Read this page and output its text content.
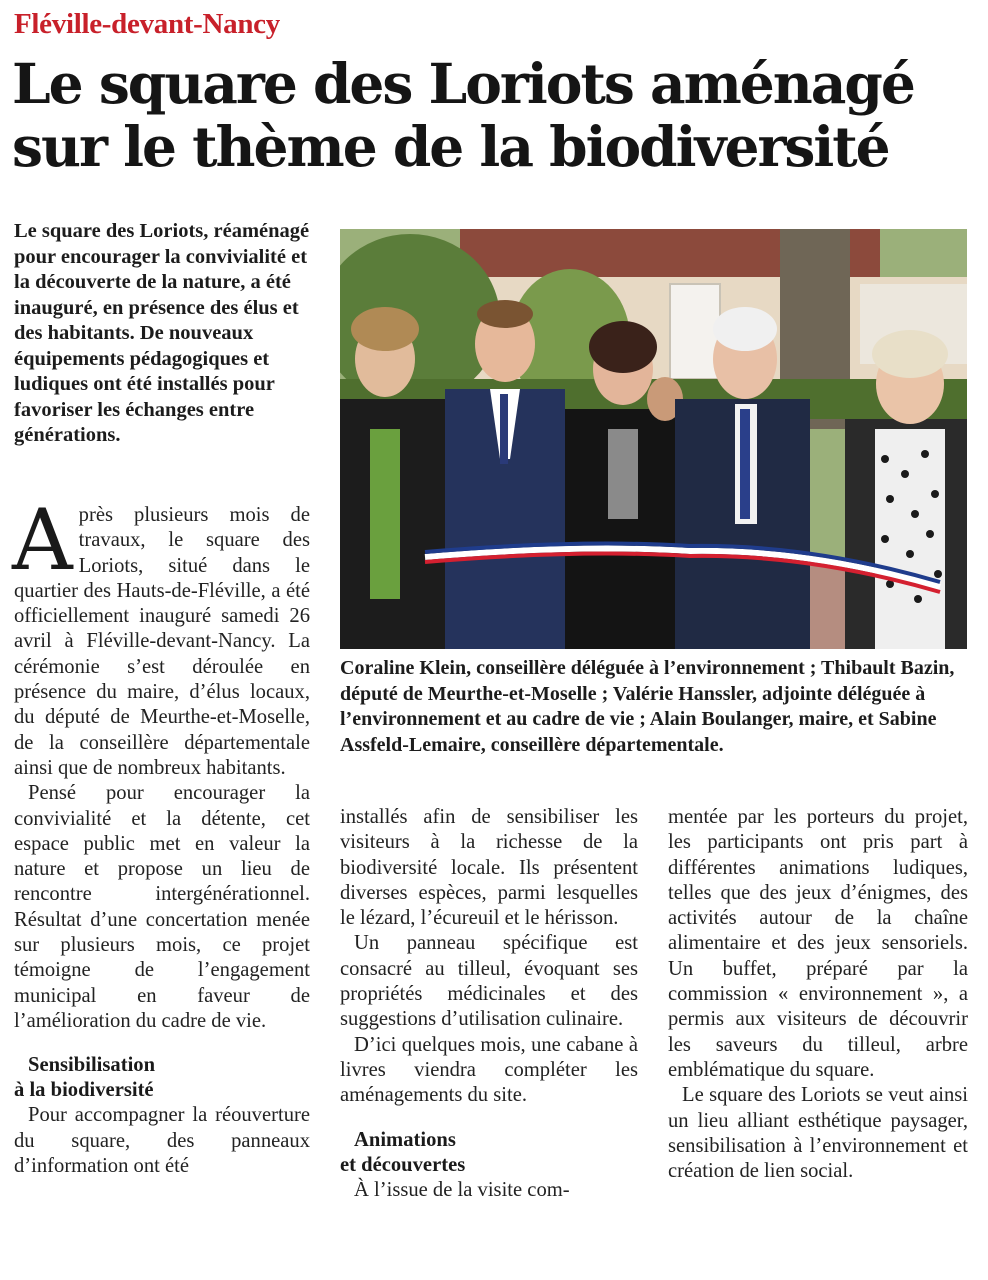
Fléville-devant-Nancy
Le square des Loriots aménagé
sur le thème de la biodiversité
Le square des Loriots, réaménagé pour encourager la convivialité et la découverte de la nature, a été inauguré, en présence des élus et des habitants. De nouveaux équipements pédagogiques et ludiques ont été installés pour favoriser les échanges entre générations.
Coraline Klein, conseillère déléguée à l’environnement ; Thibault Bazin, député de Meurthe-et-Moselle ; Valérie Hanssler, adjointe déléguée à l’environnement et au cadre de vie ; Alain Boulanger, maire, et Sabine Assfeld-Lemaire, conseillère départementale.

Après plusieurs mois de travaux, le square des Loriots, situé dans le quartier des Hauts-de-Fléville, a été officiellement inauguré samedi 26 avril à Fléville-devant-Nancy. La cérémonie s’est déroulée en présence du maire, d’élus locaux, du député de Meurthe-et-Moselle, de la conseillère départementale ainsi que de nombreux habitants.

Pensé pour encourager la convivialité et la détente, cet espace public met en valeur la nature et propose un lieu de rencontre intergénérationnel. Résultat d’une concertation menée sur plusieurs mois, ce projet témoigne de l’engagement municipal en faveur de l’amélioration du cadre de vie.

Sensibilisation
à la biodiversité

Pour accompagner la réouverture du square, des panneaux d’information ont été

installés afin de sensibiliser les visiteurs à la richesse de la biodiversité locale. Ils présentent diverses espèces, parmi lesquelles le lézard, l’écureuil et le hérisson.

Un panneau spécifique est consacré au tilleul, évoquant ses propriétés médicinales et des suggestions d’utilisation culinaire.

D’ici quelques mois, une cabane à livres viendra compléter les aménagements du site.

Animations
et découvertes

À l’issue de la visite com-

mentée par les porteurs du projet, les participants ont pris part à différentes animations ludiques, telles que des jeux d’énigmes, des activités autour de la chaîne alimentaire et des jeux sensoriels. Un buffet, préparé par la commission « environnement », a permis aux visiteurs de découvrir les saveurs du tilleul, arbre emblématique du square.

Le square des Loriots se veut ainsi un lieu alliant esthétique paysager, sensibilisation à l’environnement et création de lien social.
